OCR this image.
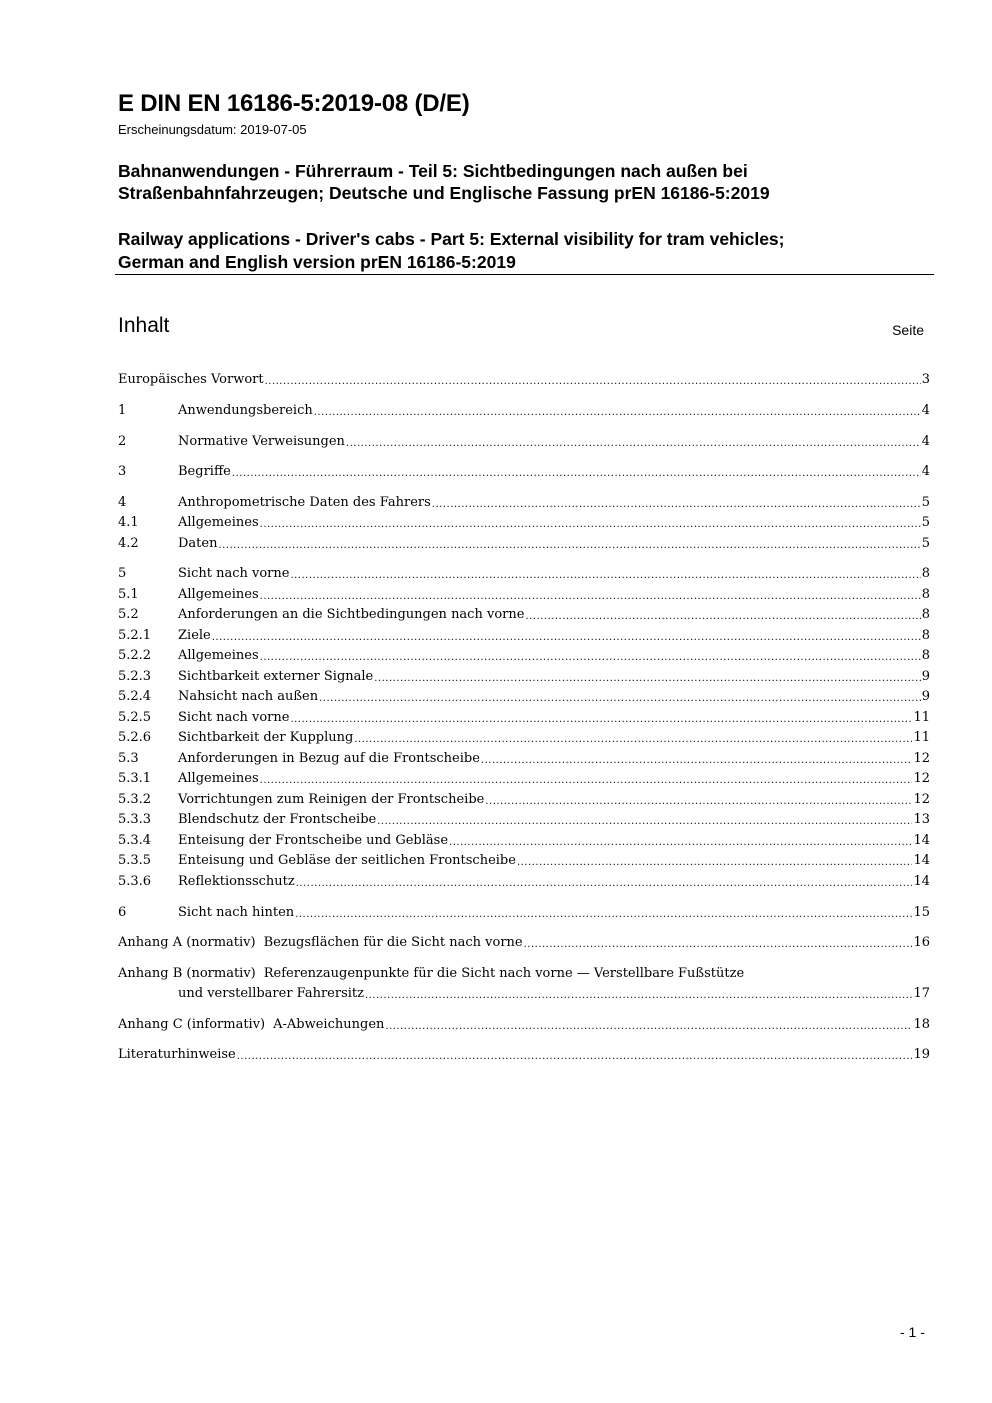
E DIN EN 16186-5:2019-08 (D/E)
Erscheinungsdatum: 2019-07-05
Bahnanwendungen - Führerraum - Teil 5: Sichtbedingungen nach außen bei
Straßenbahnfahrzeugen; Deutsche und Englische Fassung prEN 16186-5:2019
Railway applications - Driver's cabs - Part 5: External visibility for tram vehicles;
German and English version prEN 16186-5:2019
Inhalt	Seite
Europäisches Vorwort .....	3
1	Anwendungsbereich .....	4
2	Normative Verweisungen .....	4
3	Begriffe .....	4
4	Anthropometrische Daten des Fahrers .....	5
4.1	Allgemeines .....	5
4.2	Daten .....	5
5	Sicht nach vorne .....	8
5.1	Allgemeines .....	8
5.2	Anforderungen an die Sichtbedingungen nach vorne .....	8
5.2.1	Ziele .....	8
5.2.2	Allgemeines .....	8
5.2.3	Sichtbarkeit externer Signale .....	9
5.2.4	Nahsicht nach außen .....	9
5.2.5	Sicht nach vorne .....	11
5.2.6	Sichtbarkeit der Kupplung .....	11
5.3	Anforderungen in Bezug auf die Frontscheibe .....	12
5.3.1	Allgemeines .....	12
5.3.2	Vorrichtungen zum Reinigen der Frontscheibe .....	12
5.3.3	Blendschutz der Frontscheibe .....	13
5.3.4	Enteisung der Frontscheibe und Gebläse .....	14
5.3.5	Enteisung und Gebläse der seitlichen Frontscheibe .....	14
5.3.6	Reflektionsschutz .....	14
6	Sicht nach hinten .....	15
Anhang A (normativ) Bezugsflächen für die Sicht nach vorne .....	16
Anhang B (normativ) Referenzaugenpunkte für die Sicht nach vorne — Verstellbare Fußstütze
und verstellbarer Fahrersitz .....	17
Anhang C (informativ) A-Abweichungen .....	18
Literaturhinweise .....	19
- 1 -
